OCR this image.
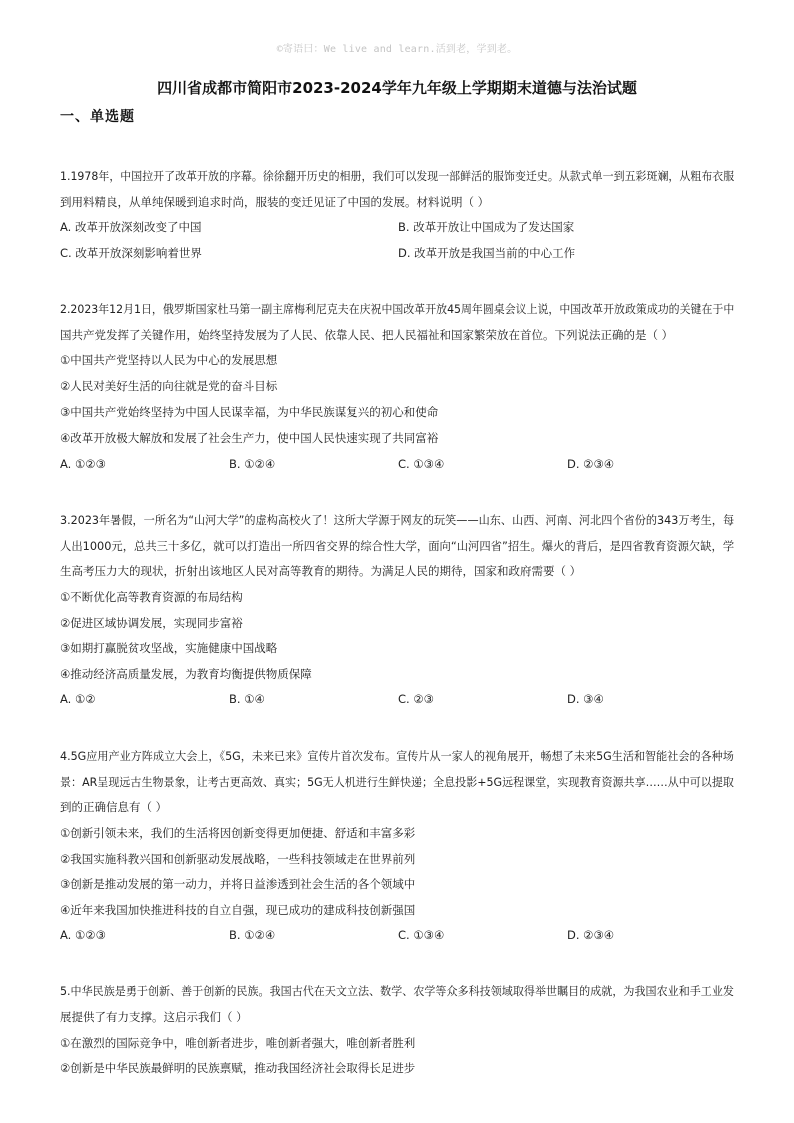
©寄语曰：We live and learn.活到老，学到老。
四川省成都市简阳市2023-2024学年九年级上学期期末道德与法治试题
一、单选题
1.1978年，中国拉开了改革开放的序幕。徐徐翻开历史的相册，我们可以发现一部鲜活的服饰变迁史。从款式单一到五彩斑斓，从粗布衣服
到用料精良，从单纯保暖到追求时尚，服装的变迁见证了中国的发展。材料说明（ ）
A. 改革开放深刻改变了中国	B. 改革开放让中国成为了发达国家
C. 改革开放深刻影响着世界	D. 改革开放是我国当前的中心工作
2.2023年12月1日，俄罗斯国家杜马第一副主席梅利尼克夫在庆祝中国改革开放45周年圆桌会议上说，中国改革开放政策成功的关键在于中
国共产党发挥了关键作用，始终坚持发展为了人民、依靠人民、把人民福祉和国家繁荣放在首位。下列说法正确的是（ ）
①中国共产党坚持以人民为中心的发展思想
②人民对美好生活的向往就是党的奋斗目标
③中国共产党始终坚持为中国人民谋幸福，为中华民族谋复兴的初心和使命
④改革开放极大解放和发展了社会生产力，使中国人民快速实现了共同富裕
A. ①②③	B. ①②④	C. ①③④	D. ②③④
3.2023年暑假，一所名为“山河大学”的虚构高校火了！这所大学源于网友的玩笑——山东、山西、河南、河北四个省份的343万考生，每
人出1000元，总共三十多亿，就可以打造出一所四省交界的综合性大学，面向“山河四省”招生。爆火的背后，是四省教育资源欠缺，学
生高考压力大的现状，折射出该地区人民对高等教育的期待。为满足人民的期待，国家和政府需要（ ）
①不断优化高等教育资源的布局结构
②促进区域协调发展，实现同步富裕
③如期打赢脱贫攻坚战，实施健康中国战略
④推动经济高质量发展，为教育均衡提供物质保障
A. ①②	B. ①④	C. ②③	D. ③④
4.5G应用产业方阵成立大会上，《5G，未来已来》宣传片首次发布。宣传片从一家人的视角展开，畅想了未来5G生活和智能社会的各种场
景：AR呈现远古生物景象，让考古更高效、真实；5G无人机进行生鲜快递；全息投影+5G远程课堂，实现教育资源共享……从中可以提取
到的正确信息有（ ）
①创新引领未来，我们的生活将因创新变得更加便捷、舒适和丰富多彩
②我国实施科教兴国和创新驱动发展战略，一些科技领域走在世界前列
③创新是推动发展的第一动力，并将日益渗透到社会生活的各个领域中
④近年来我国加快推进科技的自立自强，现已成功的建成科技创新强国
A. ①②③	B. ①②④	C. ①③④	D. ②③④
5.中华民族是勇于创新、善于创新的民族。我国古代在天文立法、数学、农学等众多科技领域取得举世瞩目的成就，为我国农业和手工业发
展提供了有力支撑。这启示我们（ ）
①在激烈的国际竞争中，唯创新者进步，唯创新者强大，唯创新者胜利
②创新是中华民族最鲜明的民族禀赋，推动我国经济社会取得长足进步
